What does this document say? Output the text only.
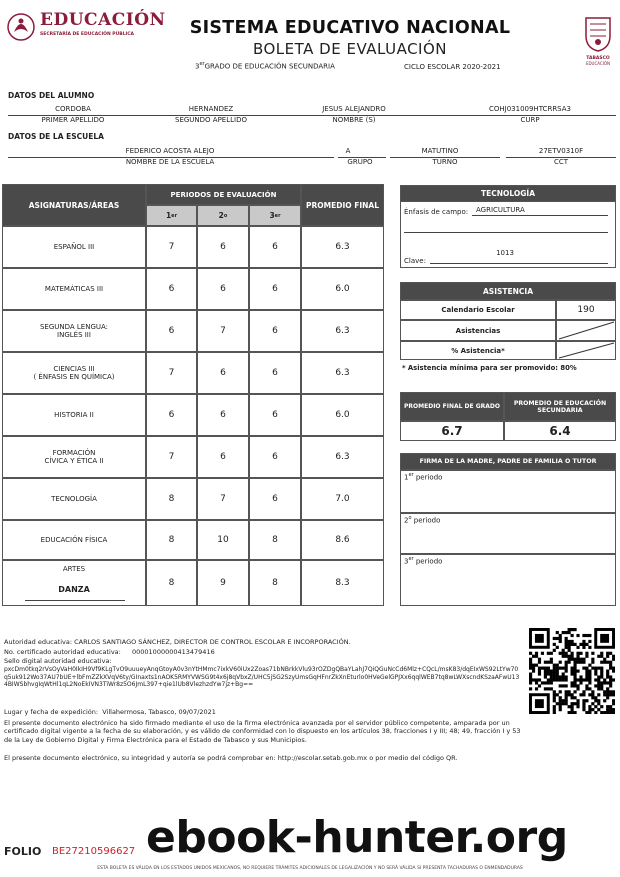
EDUCACIÓN
SECRETARÍA DE EDUCACIÓN PÚBLICA	SISTEMA EDUCATIVO NACIONAL
BOLETA DE EVALUACIÓN
3erGRADO DE EDUCACIÓN SECUNDARIA	CICLO ESCOLAR 2020-2021
TABASCO
EDUCACIÓN
DATOS DEL ALUMNO
CORDOBA	HERNANDEZ	JESUS ALEJANDRO	COHJ031009HTCRRSA3
PRIMER APELLIDO	SEGUNDO APELLIDO	NOMBRE (S)	CURP
DATOS DE LA ESCUELA
FEDERICO ACOSTA ALEJO	A	MATUTINO	27ETV0310F
NOMBRE DE LA ESCUELA	GRUPO	TURNO	CCT
ASIGNATURAS/ÁREAS
PERIODOS DE EVALUACIÓN
1 er	2 o	3 er
PROMEDIO FINAL
ESPAÑOL III	7	6	6	6.3
MATEMÁTICAS III	6	6	6	6.0
SEGUNDA LENGUA:
INGLÉS III	6	7	6	6.3
CIENCIAS III
( ÉNFASIS EN QUÍMICA)	7	6	6	6.3
HISTORIA II	6	6	6	6.0
FORMACIÓN
CÍVICA Y ÉTICA II	7	6	6	6.3
TECNOLOGÍA	8	7	6	7.0
EDUCACIÓN FÍSICA	8	10	8	8.6
ARTES
DANZA
8	9	8	8.3
TECNOLOGÍA
Énfasis de campo: AGRICULTURA
1013
Clave:
ASISTENCIA
Calendario Escolar	190
Asistencias
% Asistencia*
* Asistencia mínima para ser promovido: 80%
PROMEDIO FINAL DE GRADO	PROMEDIO DE EDUCACIÓN SECUNDARIA
6.7	6.4
FIRMA DE LA MADRE, PADRE DE FAMILIA O TUTOR
1er periodo
2$^o$ periodo
3er periodo
Autoridad educativa: CARLOS SANTIAGO SÁNCHEZ, DIRECTOR DE CONTROL ESCOLAR E INCORPORACIÓN.
No. certificado autoridad educativa: 00001000000413479416
Sello digital autoridad educativa:
pxcDm0tkq2rVsOyVaH0IkIH9Vf9KLgTvO9uuueyAnqGtoyA0v3nYtHMmc7ixkV60iUx2Zoas71bNBrkkVlu93rOZDgQBaYLahJ7QiQGuNcCd6Mlz+CQcL/msK83/dqEIxWS92LtYw70q5uk912Wo37AU7bUE+lbFmZZkXVqV6ty/GInaxts1nAOK5RMYVWSG9t4x6j8qVbxZ/UHC5jSG2SzyUmsGqHFnrZkXnEturlo0HVeGelGPJXx6qqlWEB7tq8wLWXscndKSzaAFwU134BIWSbhvgIqWtHl1qL2NoEkIVN3TiWr8z5O6JmL397+qie1lUb8VlezhzdYw7jz+Bg==
Lugar y fecha de expedición: Villahermosa, Tabasco, 09/07/2021
El presente documento electrónico ha sido firmado mediante el uso de la firma electrónica avanzada por el servidor público competente, amparada por un certificado digital vigente a la fecha de su elaboración, y es válido de conformidad con lo dispuesto en los artículos 38, fracciones I y III; 48; 49, fracción I y 53 de la Ley de Gobierno Digital y Firma Electrónica para el Estado de Tabasco y sus Municipios.
El presente documento electrónico, su integridad y autoría se podrá comprobar en: http://escolar.setab.gob.mx o por medio del código QR.
FOLIO BE27210596627 ebook-hunter.org
ESTA BOLETA ES VÁLIDA EN LOS ESTADOS UNIDOS MEXICANOS, NO REQUIERE TRÁMITES ADICIONALES DE LEGALIZACIÓN Y NO SERÁ VÁLIDA SI PRESENTA TACHADURAS O ENMENDADURAS
